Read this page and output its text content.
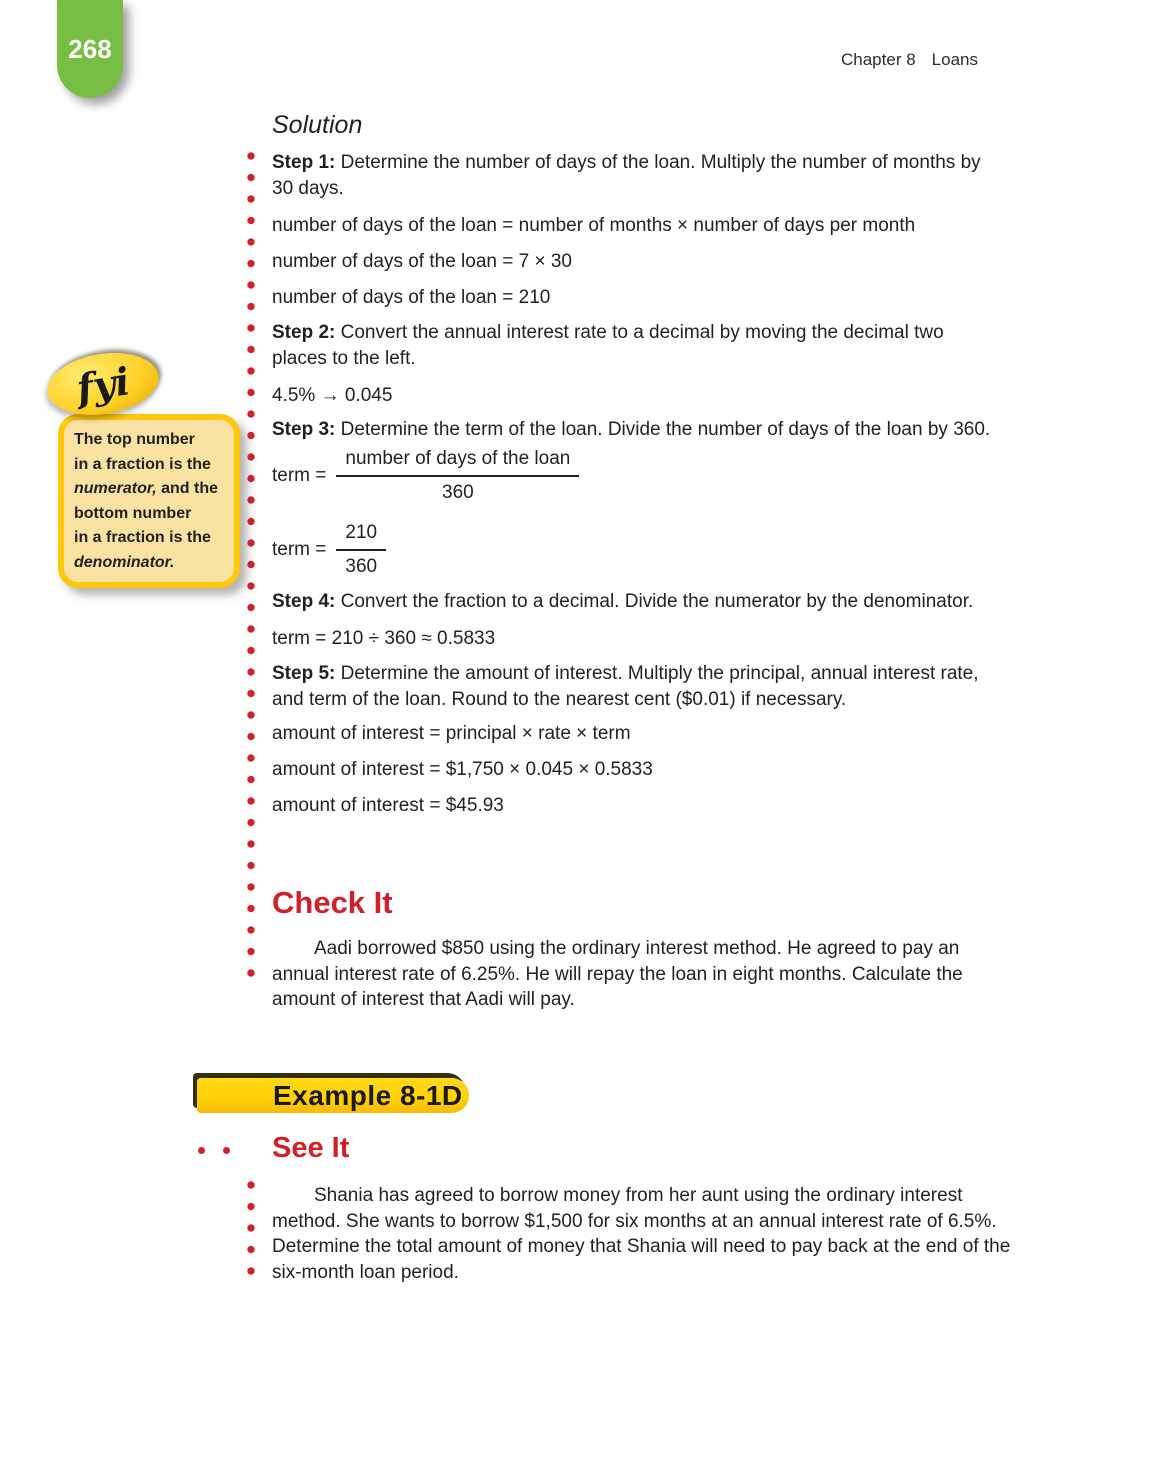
268	Chapter 8 Loans
The top number
in a fraction is the
numerator, and the
bottom number
in a fraction is the
denominator.
fyi
Solution

Step 1: Determine the number of days of the loan. Multiply the number of months by 30 days.

number of days of the loan = number of months × number of days per month

number of days of the loan = 7 × 30

number of days of the loan = 210

Step 2: Convert the annual interest rate to a decimal by moving the decimal two places to the left.

4.5% → 0.045

Step 3: Determine the term of the loan. Divide the number of days of the loan by 360.

term = $\frac{\text{number of days of the loan}}{360}$
term = $\frac{210}{360}$

Step 4: Convert the fraction to a decimal. Divide the numerator by the denominator.

term = 210 ÷ 360 ≈ 0.5833

Step 5: Determine the amount of interest. Multiply the principal, annual interest rate, and term of the loan. Round to the nearest cent ($0.01) if necessary.

amount of interest = principal × rate × term

amount of interest = $1,750 × 0.045 × 0.5833

amount of interest = $45.93

Check It

Aadi borrowed $850 using the ordinary interest method. He agreed to pay an annual interest rate of 6.25%. He will repay the loan in eight months. Calculate the amount of interest that Aadi will pay.

Example 8-1D
See It

Shania has agreed to borrow money from her aunt using the ordinary interest method. She wants to borrow $1,500 for six months at an annual interest rate of 6.5%. Determine the total amount of money that Shania will need to pay back at the end of the six-month loan period.
